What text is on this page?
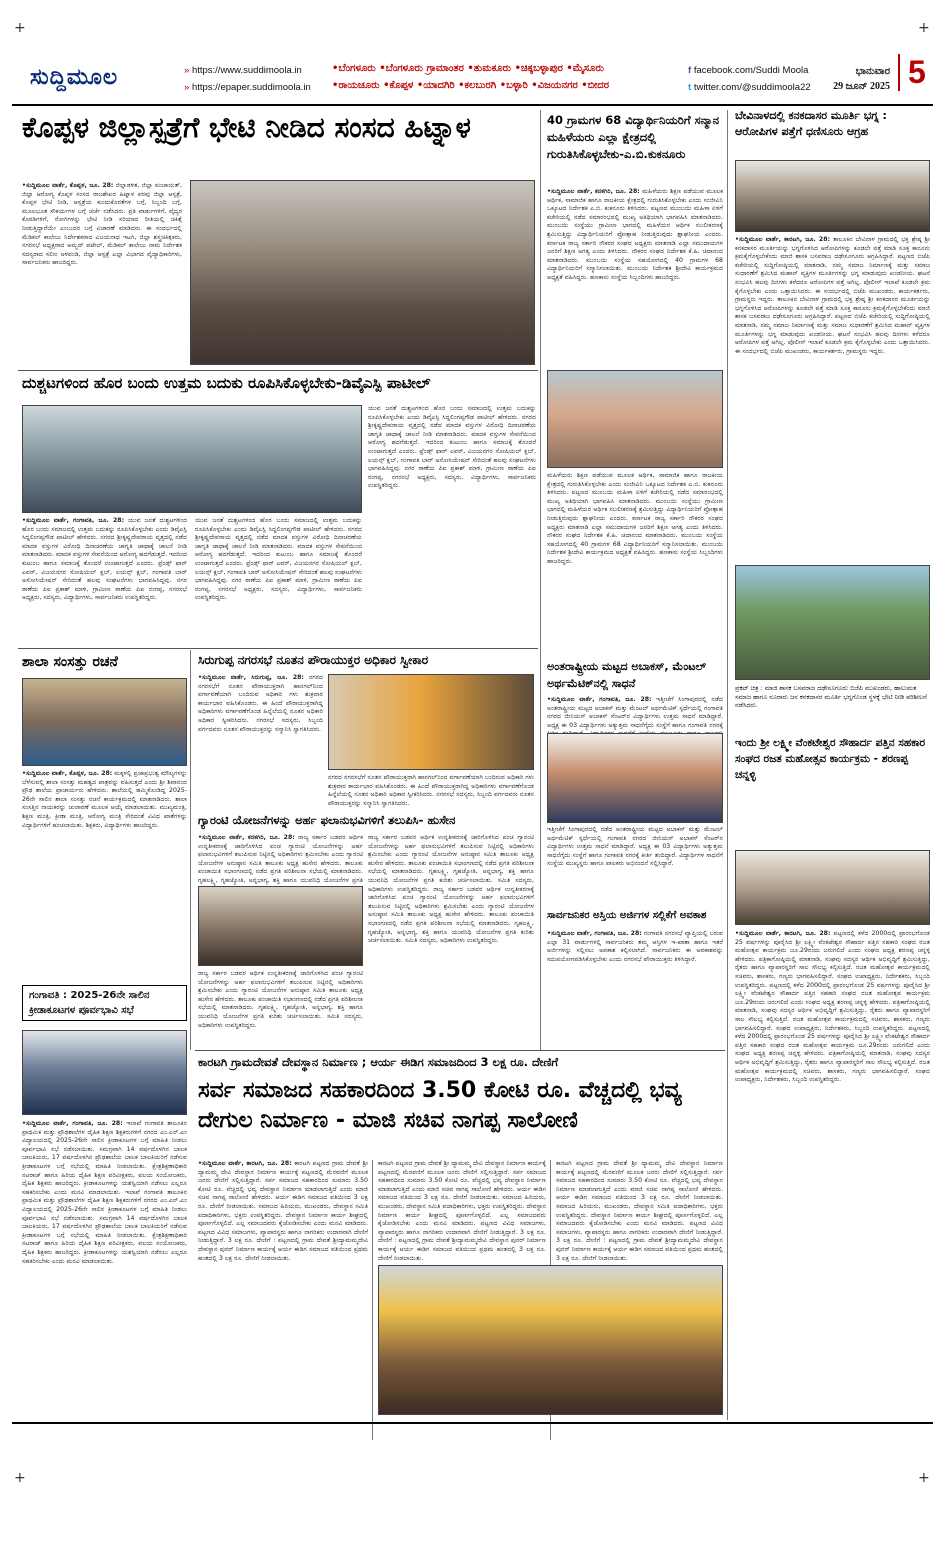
ಸುದ್ದಿಮೂಲ
»	https://www.suddimoola.in
» https://epaper.suddimoola.in
•ಬೆಂಗಳೂರು •ಬೆಂಗಳೂರು ಗ್ರಾಮಾಂತರ •ತುಮಕೂರು •ಚಿಕ್ಕಬಳ್ಳಾಪುರ •ಮೈಸೂರು
•ರಾಯಚೂರು •ಕೊಪ್ಪಳ •ಯಾದಗಿರಿ •ಕಲಬುರಗಿ •ಬಳ್ಳಾರಿ •ವಿಜಯನಗರ •ಬೀದರ
f facebook.com/Suddi Moola
t twitter.com/@suddimoola22
ಭಾನುವಾರ
29 ಜೂನ್ 2025 5
ಕೊಪ್ಪಳ ಜಿಲ್ಲಾಸ್ಪತ್ರೆಗೆ ಭೇಟಿ ನೀಡಿದ ಸಂಸದ ಹಿಟ್ನಾಳ
•ಸುದ್ದಿಮೂಲ ವಾರ್ತೆ, ಕೊಪ್ಪಳ, ಜೂ. 28: ಜಿಲ್ಲಾಡಳಿತ, ಜಿಲ್ಲಾ ಪಂಚಾಯತ್, ಜಿಲ್ಲಾ ಆರೋಗ್ಯ ಕೊಪ್ಪಳ ಸಂಸದ ರಾಜಶೇಖರ ಹಿಟ್ನಾಳ ಪರವು ಜಿಲ್ಲಾ ಆಸ್ಪತ್ರೆ, ಕೊಪ್ಪಳ ಭೇಟಿ ನೀಡಿ, ಆಸ್ಪತ್ರೆಯ ಕುಂದುಕೊರತೆಗಳ ಬಗ್ಗೆ, ಸಿಬ್ಬಂದಿ ಬಗ್ಗೆ, ಮೂಲಭೂತ ಸೌಕರ್ಯಗಳ ಬಗ್ಗೆ ಚರ್ಚೆ ನಡೆಸಿದರು. ಪ್ರತಿ ವಾರ್ಡುಗಳಿಗೆ, ವೈದ್ಯರ ಕೊಠಡಿಗಳಿಗೆ, ರೋಗಿಗಳನ್ನು ಭೇಟಿ ನೀಡಿ ಸರಿಯಾದ ರೀತಿಯಲ್ಲಿ ಚಿಕಿತ್ಸೆ ನೀಡುತ್ತಿದ್ದಾರೆಯೇ ಎಂಬುದರ ಬಗ್ಗೆ ವಿಚಾರಣೆ ಮಾಡಿದರು. ಈ ಸಂದರ್ಭದಲ್ಲಿ ಮೆಡಿಕಲ್ ಕಾಲೇಜು ನಿರ್ದೇಶಕರಾದ ವಿಜಯನಾಥ ಇಟಗಿ, ಜಿಲ್ಲಾ ಶಸ್ತ್ರಚಿಕಿತ್ಸಕರು, ನಗರಸಭೆ ಅಧ್ಯಕ್ಷರಾದ ಅಮ್ಜದ್ ಪಟೇಲ್, ಮೆಡಿಕಲ್ ಕಾಲೇಜು ನಾಮ ನಿರ್ದೇಶಕ ಸದಸ್ಯರಾದ ಸಲೀಂ ಅಳವಂಡಿ, ಜಿಲ್ಲಾ ಆಸ್ಪತ್ರೆ ಎಲ್ಲಾ ವಿಭಾಗದ ವೈದ್ಯಾಧಿಕಾರಿಗಳು, ಸಾರ್ವಜನಿಕರು ಹಾಜರಿದ್ದರು.
40 ಗ್ರಾಮಗಳ 68 ವಿದ್ಯಾರ್ಥಿನಿಯರಿಗೆ ಸನ್ಮಾನ ಮಹಿಳೆಯರು ಎಲ್ಲಾ ಕ್ಷೇತ್ರದಲ್ಲಿ ಗುರುತಿಸಿಕೊಳ್ಳಬೇಕು-ಎ.ಬಿ.ಕುಕನೂರು
•ಸುದ್ದಿಮೂಲ ವಾರ್ತೆ, ಕನಕಗಿರಿ, ಜೂ. 28: ಮಹಿಳೆಯರು ಶಿಕ್ಷಣ ಪಡೆಯುವ ಮೂಲಕ ಆರ್ಥಿಕ, ಸಾಮಾಜಿಕ ಹಾಗೂ ರಾಜಕೀಯ ಕ್ಷೇತ್ರದಲ್ಲಿ ಗುರುತಿಸಿಕೊಳ್ಳಬೇಕು ಎಂದು ಸಂಜೀವಿನಿ ಒಕ್ಕೂಟದ ನಿರ್ದೇಶಕ ಎ.ಬಿ. ಕುಕನೂರು ತಿಳಿಸಿದರು. ಪಟ್ಟಣದ ಮುಂಬಯಿ ಮಹಿಳಾ ಏಳಿಗೆ ಕಚೇರಿಯಲ್ಲಿ ನಡೆದ ಸಮಾರಂಭದಲ್ಲಿ ಮುಖ್ಯ ಅತಿಥಿಯಾಗಿ ಭಾಗವಹಿಸಿ ಮಾತನಾಡಿದರು. ಮುಂಬಯಿ ಸಂಸ್ಥೆಯು ಗ್ರಾಮೀಣ ಭಾಗದಲ್ಲಿ ಮಹಿಳೆಯರ ಆರ್ಥಿಕ ಸಬಲೀಕರಣಕ್ಕೆ ಶ್ರಮಿಸುತ್ತಿದ್ದು ವಿದ್ಯಾರ್ಥಿನಿಯರಿಗೆ ಪ್ರೋತ್ಸಾಹ ನೀಡುತ್ತಿರುವುದು ಶ್ಲಾಘನೀಯ ಎಂದರು. ಕರ್ನಾಟಕ ರಾಜ್ಯ ಸರ್ಕಾರಿ ನೌಕರರ ಸಂಘದ ಅಧ್ಯಕ್ಷರು ಮಾತನಾಡಿ ಎಲ್ಲಾ ಸಮುದಾಯಗಳ ಜನರಿಗೆ ಶಿಕ್ಷಣ ಅಗತ್ಯ ಎಂದು ತಿಳಿಸಿದರು. ನೌಕರರ ಸಂಘದ ನಿರ್ದೇಶಕ ಕೆ.ಹಿ. ಚಿದಾನಂದ ಮಾತನಾಡಿದರು. ಮುಂಬಯಿ ಸಂಸ್ಥೆಯ ಸಹಯೋಗದಲ್ಲಿ 40 ಗ್ರಾಮಗಳ 68 ವಿದ್ಯಾರ್ಥಿನಿಯರಿಗೆ ಸನ್ಮಾನಿಸಲಾಯಿತು. ಮುಂಬಯಿ ನಿರ್ದೇಶಕ ಶ್ರೀದೇವಿ ಕಾರ್ಯಕ್ರಮದ ಅಧ್ಯಕ್ಷತೆ ವಹಿಸಿದ್ದರು. ಹಣಕಾಸು ಸಂಸ್ಥೆಯ ಸಿಬ್ಬಂದಿಗಳು ಹಾಜರಿದ್ದರು.
ಮಹಿಳೆಯರು ಶಿಕ್ಷಣ ಪಡೆಯುವ ಮೂಲಕ ಆರ್ಥಿಕ, ಸಾಮಾಜಿಕ ಹಾಗೂ ರಾಜಕೀಯ ಕ್ಷೇತ್ರದಲ್ಲಿ ಗುರುತಿಸಿಕೊಳ್ಳಬೇಕು ಎಂದು ಸಂಜೀವಿನಿ ಒಕ್ಕೂಟದ ನಿರ್ದೇಶಕ ಎ.ಬಿ. ಕುಕನೂರು ತಿಳಿಸಿದರು. ಪಟ್ಟಣದ ಮುಂಬಯಿ ಮಹಿಳಾ ಏಳಿಗೆ ಕಚೇರಿಯಲ್ಲಿ ನಡೆದ ಸಮಾರಂಭದಲ್ಲಿ ಮುಖ್ಯ ಅತಿಥಿಯಾಗಿ ಭಾಗವಹಿಸಿ ಮಾತನಾಡಿದರು. ಮುಂಬಯಿ ಸಂಸ್ಥೆಯು ಗ್ರಾಮೀಣ ಭಾಗದಲ್ಲಿ ಮಹಿಳೆಯರ ಆರ್ಥಿಕ ಸಬಲೀಕರಣಕ್ಕೆ ಶ್ರಮಿಸುತ್ತಿದ್ದು ವಿದ್ಯಾರ್ಥಿನಿಯರಿಗೆ ಪ್ರೋತ್ಸಾಹ ನೀಡುತ್ತಿರುವುದು ಶ್ಲಾಘನೀಯ ಎಂದರು. ಕರ್ನಾಟಕ ರಾಜ್ಯ ಸರ್ಕಾರಿ ನೌಕರರ ಸಂಘದ ಅಧ್ಯಕ್ಷರು ಮಾತನಾಡಿ ಎಲ್ಲಾ ಸಮುದಾಯಗಳ ಜನರಿಗೆ ಶಿಕ್ಷಣ ಅಗತ್ಯ ಎಂದು ತಿಳಿಸಿದರು. ನೌಕರರ ಸಂಘದ ನಿರ್ದೇಶಕ ಕೆ.ಹಿ. ಚಿದಾನಂದ ಮಾತನಾಡಿದರು. ಮುಂಬಯಿ ಸಂಸ್ಥೆಯ ಸಹಯೋಗದಲ್ಲಿ 40 ಗ್ರಾಮಗಳ 68 ವಿದ್ಯಾರ್ಥಿನಿಯರಿಗೆ ಸನ್ಮಾನಿಸಲಾಯಿತು. ಮುಂಬಯಿ ನಿರ್ದೇಶಕ ಶ್ರೀದೇವಿ ಕಾರ್ಯಕ್ರಮದ ಅಧ್ಯಕ್ಷತೆ ವಹಿಸಿದ್ದರು. ಹಣಕಾಸು ಸಂಸ್ಥೆಯ ಸಿಬ್ಬಂದಿಗಳು ಹಾಜರಿದ್ದರು.
ದುಶ್ಚಟಗಳಿಂದ ಹೊರ ಬಂದು ಉತ್ತಮ ಬದುಕು ರೂಪಿಸಿಕೊಳ್ಳಬೇಕು-ಡಿವೈಎಸ್ಪಿ ಪಾಟೀಲ್
•ಸುದ್ದಿಮೂಲ ವಾರ್ತೆ, ಗಂಗಾವತಿ, ಜೂ. 28: ಯುವ ಜನತೆ ದುಶ್ಚಟಗಳಿಂದ ಹೊರ ಬಂದು ಸಮಾಜದಲ್ಲಿ ಉತ್ತಮ ಬದುಕನ್ನು ರೂಪಿಸಿಕೊಳ್ಳಬೇಕು ಎಂದು ಡಿವೈಎಸ್ಪಿ ಸಿದ್ದಲಿಂಗಪ್ಪಗೌಡ ಪಾಟೀಲ್ ಹೇಳಿದರು. ನಗರದ ಶ್ರೀಕೃಷ್ಣದೇವರಾಯ ವೃತ್ತದಲ್ಲಿ ನಡೆದ ಮಾದಕ ವಸ್ತುಗಳ ವಿರೋಧಿ ದಿನಾಚರಣೆಯ ಜಾಗೃತಿ ಜಾಥಾಕ್ಕೆ ಚಾಲನೆ ನೀಡಿ ಮಾತನಾಡಿದರು. ಮಾದಕ ವಸ್ತುಗಳ ಸೇವನೆಯಿಂದ ಆರೋಗ್ಯ ಹದಗೆಡುತ್ತದೆ. ಇದರಿಂದ ಕುಟುಂಬ ಹಾಗೂ ಸಮಾಜಕ್ಕೆ ತೊಂದರೆ ಉಂಟಾಗುತ್ತದೆ ಎಂದರು. ಫ್ರೆಂಡ್ಸ್ ಫಾರ್ ಎವರ್, ವಿಜಯನಗರ ಸೋಷಿಯಲ್ ಕ್ಲಬ್, ಲಯನ್ಸ್ ಕ್ಲಬ್, ಗಂಗಾವತಿ ಬಾರ್ ಅಸೋಸಿಯೇಷನ್ ಸೇರಿದಂತೆ ಹಲವು ಸಂಘಟನೆಗಳು ಭಾಗವಹಿಸಿದ್ದವು. ನಗರ ಠಾಣೆಯ ಪಿಐ ಪ್ರಕಾಶ್ ಮಾಳಿ, ಗ್ರಾಮೀಣ ಠಾಣೆಯ ಪಿಐ ರಂಗಪ್ಪ, ನಗರಸಭೆ ಅಧ್ಯಕ್ಷರು, ಸದಸ್ಯರು, ವಿದ್ಯಾರ್ಥಿಗಳು, ಸಾರ್ವಜನಿಕರು ಉಪಸ್ಥಿತರಿದ್ದರು.
ಯುವ ಜನತೆ ದುಶ್ಚಟಗಳಿಂದ ಹೊರ ಬಂದು ಸಮಾಜದಲ್ಲಿ ಉತ್ತಮ ಬದುಕನ್ನು ರೂಪಿಸಿಕೊಳ್ಳಬೇಕು ಎಂದು ಡಿವೈಎಸ್ಪಿ ಸಿದ್ದಲಿಂಗಪ್ಪಗೌಡ ಪಾಟೀಲ್ ಹೇಳಿದರು. ನಗರದ ಶ್ರೀಕೃಷ್ಣದೇವರಾಯ ವೃತ್ತದಲ್ಲಿ ನಡೆದ ಮಾದಕ ವಸ್ತುಗಳ ವಿರೋಧಿ ದಿನಾಚರಣೆಯ ಜಾಗೃತಿ ಜಾಥಾಕ್ಕೆ ಚಾಲನೆ ನೀಡಿ ಮಾತನಾಡಿದರು. ಮಾದಕ ವಸ್ತುಗಳ ಸೇವನೆಯಿಂದ ಆರೋಗ್ಯ ಹದಗೆಡುತ್ತದೆ. ಇದರಿಂದ ಕುಟುಂಬ ಹಾಗೂ ಸಮಾಜಕ್ಕೆ ತೊಂದರೆ ಉಂಟಾಗುತ್ತದೆ ಎಂದರು. ಫ್ರೆಂಡ್ಸ್ ಫಾರ್ ಎವರ್, ವಿಜಯನಗರ ಸೋಷಿಯಲ್ ಕ್ಲಬ್, ಲಯನ್ಸ್ ಕ್ಲಬ್, ಗಂಗಾವತಿ ಬಾರ್ ಅಸೋಸಿಯೇಷನ್ ಸೇರಿದಂತೆ ಹಲವು ಸಂಘಟನೆಗಳು ಭಾಗವಹಿಸಿದ್ದವು. ನಗರ ಠಾಣೆಯ ಪಿಐ ಪ್ರಕಾಶ್ ಮಾಳಿ, ಗ್ರಾಮೀಣ ಠಾಣೆಯ ಪಿಐ ರಂಗಪ್ಪ, ನಗರಸಭೆ ಅಧ್ಯಕ್ಷರು, ಸದಸ್ಯರು, ವಿದ್ಯಾರ್ಥಿಗಳು, ಸಾರ್ವಜನಿಕರು ಉಪಸ್ಥಿತರಿದ್ದರು.
ಯುವ ಜನತೆ ದುಶ್ಚಟಗಳಿಂದ ಹೊರ ಬಂದು ಸಮಾಜದಲ್ಲಿ ಉತ್ತಮ ಬದುಕನ್ನು ರೂಪಿಸಿಕೊಳ್ಳಬೇಕು ಎಂದು ಡಿವೈಎಸ್ಪಿ ಸಿದ್ದಲಿಂಗಪ್ಪಗೌಡ ಪಾಟೀಲ್ ಹೇಳಿದರು. ನಗರದ ಶ್ರೀಕೃಷ್ಣದೇವರಾಯ ವೃತ್ತದಲ್ಲಿ ನಡೆದ ಮಾದಕ ವಸ್ತುಗಳ ವಿರೋಧಿ ದಿನಾಚರಣೆಯ ಜಾಗೃತಿ ಜಾಥಾಕ್ಕೆ ಚಾಲನೆ ನೀಡಿ ಮಾತನಾಡಿದರು. ಮಾದಕ ವಸ್ತುಗಳ ಸೇವನೆಯಿಂದ ಆರೋಗ್ಯ ಹದಗೆಡುತ್ತದೆ. ಇದರಿಂದ ಕುಟುಂಬ ಹಾಗೂ ಸಮಾಜಕ್ಕೆ ತೊಂದರೆ ಉಂಟಾಗುತ್ತದೆ ಎಂದರು. ಫ್ರೆಂಡ್ಸ್ ಫಾರ್ ಎವರ್, ವಿಜಯನಗರ ಸೋಷಿಯಲ್ ಕ್ಲಬ್, ಲಯನ್ಸ್ ಕ್ಲಬ್, ಗಂಗಾವತಿ ಬಾರ್ ಅಸೋಸಿಯೇಷನ್ ಸೇರಿದಂತೆ ಹಲವು ಸಂಘಟನೆಗಳು ಭಾಗವಹಿಸಿದ್ದವು. ನಗರ ಠಾಣೆಯ ಪಿಐ ಪ್ರಕಾಶ್ ಮಾಳಿ, ಗ್ರಾಮೀಣ ಠಾಣೆಯ ಪಿಐ ರಂಗಪ್ಪ, ನಗರಸಭೆ ಅಧ್ಯಕ್ಷರು, ಸದಸ್ಯರು, ವಿದ್ಯಾರ್ಥಿಗಳು, ಸಾರ್ವಜನಿಕರು ಉಪಸ್ಥಿತರಿದ್ದರು.
ಶಾಲಾ ಸಂಸತ್ತು ರಚನೆ
•ಸುದ್ದಿಮೂಲ ವಾರ್ತೆ, ಕೊಪ್ಪಳ, ಜೂ. 28: ಮಕ್ಕಳಲ್ಲಿ ಪ್ರಜಾಪ್ರಭುತ್ವ ಮೌಲ್ಯಗಳನ್ನು ಬೆಳೆಸುವಲ್ಲಿ ಶಾಲಾ ಸಂಸತ್ತು ಮಹತ್ವದ ಪಾತ್ರವನ್ನು ವಹಿಸುತ್ತದೆ ಎಂದು ಶ್ರೀ ಶಿವಾನಂದ ಪ್ರೌಢ ಶಾಲೆಯ ಪ್ರಾಚಾರ್ಯರು ಹೇಳಿದರು. ಶಾಲೆಯಲ್ಲಿ ಹಮ್ಮಿಕೊಂಡಿದ್ದ 2025-26ನೇ ಸಾಲಿನ ಶಾಲಾ ಸಂಸತ್ತು ರಚನೆ ಕಾರ್ಯಕ್ರಮದಲ್ಲಿ ಮಾತನಾಡಿದರು. ಶಾಲಾ ಸಂಸತ್ತಿನ ನಾಯಕರನ್ನು ಚುನಾವಣೆ ಮೂಲಕ ಆಯ್ಕೆ ಮಾಡಲಾಯಿತು. ಮುಖ್ಯಮಂತ್ರಿ, ಶಿಕ್ಷಣ ಮಂತ್ರಿ, ಕ್ರೀಡಾ ಮಂತ್ರಿ, ಆರೋಗ್ಯ ಮಂತ್ರಿ ಸೇರಿದಂತೆ ವಿವಿಧ ಖಾತೆಗಳನ್ನು ವಿದ್ಯಾರ್ಥಿಗಳಿಗೆ ಹಂಚಲಾಯಿತು. ಶಿಕ್ಷಕರು, ವಿದ್ಯಾರ್ಥಿಗಳು ಹಾಜರಿದ್ದರು.
ಗಂಗಾವತಿ : 2025-26ನೇ ಸಾಲಿನ ಕ್ರೀಡಾಕೂಟಗಳ ಪೂರ್ವಭಾವಿ ಸಭೆ
•ಸುದ್ದಿಮೂಲ ವಾರ್ತೆ, ಗಂಗಾವತಿ, ಜೂ. 28: ಇಲಾಖೆ ಗಂಗಾವತಿ ತಾಲೂಕಿನ ಪ್ರಾಥಮಿಕ ಮತ್ತು ಪ್ರೌಢಶಾಲೆಗಳ ದೈಹಿಕ ಶಿಕ್ಷಣ ಶಿಕ್ಷಕರುಗಳಿಗೆ ನಗರದ ಎಂ.ಎನ್.ಎಂ ವಿದ್ಯಾಲಯದಲ್ಲಿ 2025-26ನೇ ಸಾಲಿನ ಕ್ರೀಡಾಕೂಟಗಳ ಬಗ್ಗೆ ಮಾಹಿತಿ ನೀಡಲು ಪೂರ್ವಭಾವಿ ಸಭೆ ನಡೆಸಲಾಯಿತು. ಸಮಗ್ರವಾಗಿ 14 ವರ್ಷದೊಳಗಿನ ಬಾಲಕ ಬಾಲಕಿಯರು, 17 ವರ್ಷದೊಳಗಿನ ಪ್ರೌಢಶಾಲೆಯ ಬಾಲಕ ಬಾಲಕಿಯರಿಗೆ ನಡೆಸುವ ಕ್ರೀಡಾಕೂಟಗಳ ಬಗ್ಗೆ ಸಭೆಯಲ್ಲಿ ಮಾಹಿತಿ ನೀಡಲಾಯಿತು. ಕ್ಷೇತ್ರಶಿಕ್ಷಣಾಧಿಕಾರಿ ನಟರಾಜ್ ಹಾಗೂ ಹಿರಿಯ ದೈಹಿಕ ಶಿಕ್ಷಣ ಪರಿವೀಕ್ಷಕರು, ವಲಯ ಸಂಯೋಜಕರು, ದೈಹಿಕ ಶಿಕ್ಷಕರು ಹಾಜರಿದ್ದರು. ಕ್ರೀಡಾಕೂಟಗಳನ್ನು ಯಶಸ್ವಿಯಾಗಿ ನಡೆಸಲು ಎಲ್ಲರೂ ಸಹಕರಿಸಬೇಕು ಎಂದು ಮನವಿ ಮಾಡಲಾಯಿತು. ಇಲಾಖೆ ಗಂಗಾವತಿ ತಾಲೂಕಿನ ಪ್ರಾಥಮಿಕ ಮತ್ತು ಪ್ರೌಢಶಾಲೆಗಳ ದೈಹಿಕ ಶಿಕ್ಷಣ ಶಿಕ್ಷಕರುಗಳಿಗೆ ನಗರದ ಎಂ.ಎನ್.ಎಂ ವಿದ್ಯಾಲಯದಲ್ಲಿ 2025-26ನೇ ಸಾಲಿನ ಕ್ರೀಡಾಕೂಟಗಳ ಬಗ್ಗೆ ಮಾಹಿತಿ ನೀಡಲು ಪೂರ್ವಭಾವಿ ಸಭೆ ನಡೆಸಲಾಯಿತು. ಸಮಗ್ರವಾಗಿ 14 ವರ್ಷದೊಳಗಿನ ಬಾಲಕ ಬಾಲಕಿಯರು, 17 ವರ್ಷದೊಳಗಿನ ಪ್ರೌಢಶಾಲೆಯ ಬಾಲಕ ಬಾಲಕಿಯರಿಗೆ ನಡೆಸುವ ಕ್ರೀಡಾಕೂಟಗಳ ಬಗ್ಗೆ ಸಭೆಯಲ್ಲಿ ಮಾಹಿತಿ ನೀಡಲಾಯಿತು. ಕ್ಷೇತ್ರಶಿಕ್ಷಣಾಧಿಕಾರಿ ನಟರಾಜ್ ಹಾಗೂ ಹಿರಿಯ ದೈಹಿಕ ಶಿಕ್ಷಣ ಪರಿವೀಕ್ಷಕರು, ವಲಯ ಸಂಯೋಜಕರು, ದೈಹಿಕ ಶಿಕ್ಷಕರು ಹಾಜರಿದ್ದರು. ಕ್ರೀಡಾಕೂಟಗಳನ್ನು ಯಶಸ್ವಿಯಾಗಿ ನಡೆಸಲು ಎಲ್ಲರೂ ಸಹಕರಿಸಬೇಕು ಎಂದು ಮನವಿ ಮಾಡಲಾಯಿತು.
ಸಿರುಗುಪ್ಪ ನಗರಸಭೆ ನೂತನ ಪೌರಾಯುಕ್ತರ ಅಧಿಕಾರ ಸ್ವೀಕಾರ
•ಸುದ್ದಿಮೂಲ ವಾರ್ತೆ, ಸಿರುಗುಪ್ಪ, ಜೂ. 28: ನಗರದ ನಗರಸಭೆಗೆ ನೂತನ ಪೌರಾಯುಕ್ತರಾಗಿ ಹಾನಗಲ್‌ನಿಂದ ವರ್ಗಾವಣೆಯಾಗಿ ಬಂದಿರುವ ಅಧಿಕಾರಿ ಗಳು ಶುಕ್ರವಾರ ಕಾರ್ಯಭಾರ ವಹಿಸಿಕೊಂಡರು. ಈ ಹಿಂದೆ ಪೌರಾಯುಕ್ತರಾಗಿದ್ದ ಅಧಿಕಾರಿಗಳು ವರ್ಗಾವಣೆಗೊಂಡ ಹಿನ್ನೆಲೆಯಲ್ಲಿ ನೂತನ ಅಧಿಕಾರಿ ಅಧಿಕಾರ ಸ್ವೀಕರಿಸಿದರು. ನಗರಸಭೆ ಸದಸ್ಯರು, ಸಿಬ್ಬಂದಿ ವರ್ಗದವರು ನೂತನ ಪೌರಾಯುಕ್ತರನ್ನು ಸನ್ಮಾನಿಸಿ ಸ್ವಾಗತಿಸಿದರು.
ನಗರದ ನಗರಸಭೆಗೆ ನೂತನ ಪೌರಾಯುಕ್ತರಾಗಿ ಹಾನಗಲ್‌ನಿಂದ ವರ್ಗಾವಣೆಯಾಗಿ ಬಂದಿರುವ ಅಧಿಕಾರಿ ಗಳು ಶುಕ್ರವಾರ ಕಾರ್ಯಭಾರ ವಹಿಸಿಕೊಂಡರು. ಈ ಹಿಂದೆ ಪೌರಾಯುಕ್ತರಾಗಿದ್ದ ಅಧಿಕಾರಿಗಳು ವರ್ಗಾವಣೆಗೊಂಡ ಹಿನ್ನೆಲೆಯಲ್ಲಿ ನೂತನ ಅಧಿಕಾರಿ ಅಧಿಕಾರ ಸ್ವೀಕರಿಸಿದರು. ನಗರಸಭೆ ಸದಸ್ಯರು, ಸಿಬ್ಬಂದಿ ವರ್ಗದವರು ನೂತನ ಪೌರಾಯುಕ್ತರನ್ನು ಸನ್ಮಾನಿಸಿ ಸ್ವಾಗತಿಸಿದರು.
ಗ್ಯಾರಂಟಿ ಯೋಜನೆಗಳನ್ನು ಅರ್ಹ ಫಲಾನುಭವಿಗಳಿಗೆ ತಲುಪಿಸಿ- ಹುಸೇನ
•ಸುದ್ದಿಮೂಲ ವಾರ್ತೆ, ಕನಕಗಿರಿ, ಜೂ. 28: ರಾಜ್ಯ ಸರ್ಕಾರ ಬಡವರ ಆರ್ಥಿಕ ಉನ್ನತೀಕರಣಕ್ಕೆ ಜಾರಿಗೊಳಿಸಿದ ಪಂಚ ಗ್ಯಾರಂಟಿ ಯೋಜನೆಗಳನ್ನು ಅರ್ಹ ಫಲಾನುಭವಿಗಳಿಗೆ ತಲುಪಿಸುವ ನಿಟ್ಟಿನಲ್ಲಿ ಅಧಿಕಾರಿಗಳು ಶ್ರಮಿಸಬೇಕು ಎಂದು ಗ್ಯಾರಂಟಿ ಯೋಜನೆಗಳ ಅನುಷ್ಠಾನ ಸಮಿತಿ ತಾಲೂಕು ಅಧ್ಯಕ್ಷ ಹುಸೇನ ಹೇಳಿದರು. ತಾಲೂಕು ಪಂಚಾಯಿತಿ ಸಭಾಂಗಣದಲ್ಲಿ ನಡೆದ ಪ್ರಗತಿ ಪರಿಶೀಲನಾ ಸಭೆಯಲ್ಲಿ ಮಾತನಾಡಿದರು. ಗೃಹಲಕ್ಷ್ಮಿ, ಗೃಹಜ್ಯೋತಿ, ಅನ್ನಭಾಗ್ಯ, ಶಕ್ತಿ ಹಾಗೂ ಯುವನಿಧಿ ಯೋಜನೆಗಳ ಪ್ರಗತಿ
ರಾಜ್ಯ ಸರ್ಕಾರ ಬಡವರ ಆರ್ಥಿಕ ಉನ್ನತೀಕರಣಕ್ಕೆ ಜಾರಿಗೊಳಿಸಿದ ಪಂಚ ಗ್ಯಾರಂಟಿ ಯೋಜನೆಗಳನ್ನು ಅರ್ಹ ಫಲಾನುಭವಿಗಳಿಗೆ ತಲುಪಿಸುವ ನಿಟ್ಟಿನಲ್ಲಿ ಅಧಿಕಾರಿಗಳು ಶ್ರಮಿಸಬೇಕು ಎಂದು ಗ್ಯಾರಂಟಿ ಯೋಜನೆಗಳ ಅನುಷ್ಠಾನ ಸಮಿತಿ ತಾಲೂಕು ಅಧ್ಯಕ್ಷ ಹುಸೇನ ಹೇಳಿದರು. ತಾಲೂಕು ಪಂಚಾಯಿತಿ ಸಭಾಂಗಣದಲ್ಲಿ ನಡೆದ ಪ್ರಗತಿ ಪರಿಶೀಲನಾ ಸಭೆಯಲ್ಲಿ ಮಾತನಾಡಿದರು. ಗೃಹಲಕ್ಷ್ಮಿ, ಗೃಹಜ್ಯೋತಿ, ಅನ್ನಭಾಗ್ಯ, ಶಕ್ತಿ ಹಾಗೂ ಯುವನಿಧಿ ಯೋಜನೆಗಳ ಪ್ರಗತಿ ಕುರಿತು ಚರ್ಚಿಸಲಾಯಿತು. ಸಮಿತಿ ಸದಸ್ಯರು, ಅಧಿಕಾರಿಗಳು ಉಪಸ್ಥಿತರಿದ್ದರು.
ರಾಜ್ಯ ಸರ್ಕಾರ ಬಡವರ ಆರ್ಥಿಕ ಉನ್ನತೀಕರಣಕ್ಕೆ ಜಾರಿಗೊಳಿಸಿದ ಪಂಚ ಗ್ಯಾರಂಟಿ ಯೋಜನೆಗಳನ್ನು ಅರ್ಹ ಫಲಾನುಭವಿಗಳಿಗೆ ತಲುಪಿಸುವ ನಿಟ್ಟಿನಲ್ಲಿ ಅಧಿಕಾರಿಗಳು ಶ್ರಮಿಸಬೇಕು ಎಂದು ಗ್ಯಾರಂಟಿ ಯೋಜನೆಗಳ ಅನುಷ್ಠಾನ ಸಮಿತಿ ತಾಲೂಕು ಅಧ್ಯಕ್ಷ ಹುಸೇನ ಹೇಳಿದರು. ತಾಲೂಕು ಪಂಚಾಯಿತಿ ಸಭಾಂಗಣದಲ್ಲಿ ನಡೆದ ಪ್ರಗತಿ ಪರಿಶೀಲನಾ ಸಭೆಯಲ್ಲಿ ಮಾತನಾಡಿದರು. ಗೃಹಲಕ್ಷ್ಮಿ, ಗೃಹಜ್ಯೋತಿ, ಅನ್ನಭಾಗ್ಯ, ಶಕ್ತಿ ಹಾಗೂ ಯುವನಿಧಿ ಯೋಜನೆಗಳ ಪ್ರಗತಿ ಕುರಿತು ಚರ್ಚಿಸಲಾಯಿತು. ಸಮಿತಿ ಸದಸ್ಯರು, ಅಧಿಕಾರಿಗಳು ಉಪಸ್ಥಿತರಿದ್ದರು. ರಾಜ್ಯ ಸರ್ಕಾರ ಬಡವರ ಆರ್ಥಿಕ ಉನ್ನತೀಕರಣಕ್ಕೆ ಜಾರಿಗೊಳಿಸಿದ ಪಂಚ ಗ್ಯಾರಂಟಿ ಯೋಜನೆಗಳನ್ನು ಅರ್ಹ ಫಲಾನುಭವಿಗಳಿಗೆ ತಲುಪಿಸುವ ನಿಟ್ಟಿನಲ್ಲಿ ಅಧಿಕಾರಿಗಳು ಶ್ರಮಿಸಬೇಕು ಎಂದು ಗ್ಯಾರಂಟಿ ಯೋಜನೆಗಳ ಅನುಷ್ಠಾನ ಸಮಿತಿ ತಾಲೂಕು ಅಧ್ಯಕ್ಷ ಹುಸೇನ ಹೇಳಿದರು. ತಾಲೂಕು ಪಂಚಾಯಿತಿ ಸಭಾಂಗಣದಲ್ಲಿ ನಡೆದ ಪ್ರಗತಿ ಪರಿಶೀಲನಾ ಸಭೆಯಲ್ಲಿ ಮಾತನಾಡಿದರು. ಗೃಹಲಕ್ಷ್ಮಿ, ಗೃಹಜ್ಯೋತಿ, ಅನ್ನಭಾಗ್ಯ, ಶಕ್ತಿ ಹಾಗೂ ಯುವನಿಧಿ ಯೋಜನೆಗಳ ಪ್ರಗತಿ ಕುರಿತು ಚರ್ಚಿಸಲಾಯಿತು. ಸಮಿತಿ ಸದಸ್ಯರು, ಅಧಿಕಾರಿಗಳು ಉಪಸ್ಥಿತರಿದ್ದರು.
ಅಂತರಾಷ್ಟ್ರೀಯ ಮಟ್ಟದ ಅಬಾಕಸ್, ಮೆಂಟಲ್ ಅರ್ಥಮೆಟಿಕ್‌ನಲ್ಲಿ ಸಾಧನೆ
•ಸುದ್ದಿಮೂಲ ವಾರ್ತೆ, ಗಂಗಾವತಿ, ಜೂ. 28: ಇತ್ತೀಚೆಗೆ ಸಿಂಗಾಪುರದಲ್ಲಿ ನಡೆದ ಅಂತರಾಷ್ಟ್ರೀಯ ಮಟ್ಟದ ಅಬಾಕಸ್ ಮತ್ತು ಮೆಂಟಲ್ ಅರ್ಥಮೆಟಿಕ್ ಸ್ಪರ್ಧೆಯಲ್ಲಿ ಗಂಗಾವತಿ ನಗರದ ಜೀನಿಯಸ್ ಅಬಾಕಸ್ ಸೆಂಟರ್‌ನ ವಿದ್ಯಾರ್ಥಿಗಳು ಉತ್ತಮ ಸಾಧನೆ ಮಾಡಿದ್ದಾರೆ. ಅಧ್ಯಕ್ಷ ಈ 03 ವಿದ್ಯಾರ್ಥಿಗಳು ಅತ್ಯುತ್ತಮ ಸಾಧನೆಗೈದು ಸಂಸ್ಥೆಗೆ ಹಾಗೂ ಗಂಗಾವತಿ ನಗರಕ್ಕೆ
ಇತ್ತೀಚೆಗೆ ಸಿಂಗಾಪುರದಲ್ಲಿ ನಡೆದ ಅಂತರಾಷ್ಟ್ರೀಯ ಮಟ್ಟದ ಅಬಾಕಸ್ ಮತ್ತು ಮೆಂಟಲ್ ಅರ್ಥಮೆಟಿಕ್ ಸ್ಪರ್ಧೆಯಲ್ಲಿ ಗಂಗಾವತಿ ನಗರದ ಜೀನಿಯಸ್ ಅಬಾಕಸ್ ಸೆಂಟರ್‌ನ ವಿದ್ಯಾರ್ಥಿಗಳು ಉತ್ತಮ ಸಾಧನೆ ಮಾಡಿದ್ದಾರೆ. ಅಧ್ಯಕ್ಷ ಈ 03 ವಿದ್ಯಾರ್ಥಿಗಳು ಅತ್ಯುತ್ತಮ ಸಾಧನೆಗೈದು ಸಂಸ್ಥೆಗೆ ಹಾಗೂ ಗಂಗಾವತಿ ನಗರಕ್ಕೆ ಕೀರ್ತಿ ತಂದಿದ್ದಾರೆ. ವಿದ್ಯಾರ್ಥಿಗಳ ಸಾಧನೆಗೆ ಸಂಸ್ಥೆಯ ಮುಖ್ಯಸ್ಥರು ಹಾಗೂ ಪಾಲಕರು ಅಭಿನಂದನೆ ಸಲ್ಲಿಸಿದ್ದಾರೆ.
ಸಾರ್ವಜನಿಕರ ಅಸ್ತಿಯ ಅರ್ಜಿಗಳ ಸಲ್ಲಿಕೆಗೆ ಅವಕಾಶ
•ಸುದ್ದಿಮೂಲ ವಾರ್ತೆ, ಗಂಗಾವತಿ, ಜೂ. 28: ಗಂಗಾವತಿ ನಗರಸಭೆ ವ್ಯಾಪ್ತಿಯಲ್ಲಿ ಬರುವ ಎಲ್ಲಾ 31 ವಾರ್ಡುಗಳಲ್ಲಿ ಸಾರ್ವಜನಿಕರು ತಮ್ಮ ಆಸ್ತಿಗಳ ಇ-ಖಾತಾ ಹಾಗೂ ಇತರೆ ಅರ್ಜಿಗಳನ್ನು ಸಲ್ಲಿಸಲು ಅವಕಾಶ ಕಲ್ಪಿಸಲಾಗಿದೆ. ಸಾರ್ವಜನಿಕರು ಈ ಅವಕಾಶವನ್ನು ಸದುಪಯೋಗಪಡಿಸಿಕೊಳ್ಳಬೇಕು ಎಂದು ನಗರಸಭೆ ಪೌರಾಯುಕ್ತರು ತಿಳಿಸಿದ್ದಾರೆ.
ಬೇವಿನಾಳದಲ್ಲಿ ಕನಕದಾಸರ ಮೂರ್ತಿ ಭಗ್ನ : ಆರೋಪಿಗಳ ಪತ್ತೆಗೆ ಧಣಿಸೂರು ಆಗ್ರಹ
•ಸುದ್ದಿಮೂಲ ವಾರ್ತೆ, ಕಾರಟಗಿ, ಜೂ. 28: ತಾಲೂಕಿನ ಬೇವಿನಾಳ ಗ್ರಾಮದಲ್ಲಿ ಭಕ್ತ ಶ್ರೇಷ್ಠ ಶ್ರೀ ಕನಕದಾಸರ ಮೂರ್ತಿಯನ್ನು ಭಗ್ನಗೊಳಿಸಿದ ಆರೋಪಿಗಳನ್ನು ಕೂಡಲೇ ಪತ್ತೆ ಮಾಡಿ ಸೂಕ್ತ ಕಾನೂನು ಕ್ರಮಕೈಗೊಳ್ಳಬೇಕೆಂದು ಮಾಜಿ ಶಾಸಕ ಬಸವರಾಜ ದಢೇಸೂಗೂರು ಆಗ್ರಹಿಸಿದ್ದಾರೆ. ಪಟ್ಟಣದ ಬಿಜೆಪಿ ಕಚೇರಿಯಲ್ಲಿ ಸುದ್ದಿಗೋಷ್ಠಿಯಲ್ಲಿ ಮಾತನಾಡಿ, ನಮ್ಮ ಸಮಾಜ ನಿರ್ಮಾಣಕ್ಕೆ ಮತ್ತು ಸಮಾಜ ಸುಧಾರಣೆಗೆ ಶ್ರಮಿಸಿದ ಮಹಾನ್ ವ್ಯಕ್ತಿಗಳ ಮೂರ್ತಿಗಳನ್ನು ಭಗ್ನ ಮಾಡುವುದು ಖಂಡನೀಯ. ಘಟನೆ ಸಂಭವಿಸಿ ಹಲವು ದಿನಗಳು ಕಳೆದರೂ ಆರೋಪಿಗಳ ಪತ್ತೆ ಆಗಿಲ್ಲ. ಪೊಲೀಸ್ ಇಲಾಖೆ ಕೂಡಲೇ ಕ್ರಮ ಕೈಗೊಳ್ಳಬೇಕು ಎಂದು ಒತ್ತಾಯಿಸಿದರು. ಈ ಸಂದರ್ಭದಲ್ಲಿ ಬಿಜೆಪಿ ಮುಖಂಡರು, ಕಾರ್ಯಕರ್ತರು, ಗ್ರಾಮಸ್ಥರು ಇದ್ದರು. ತಾಲೂಕಿನ ಬೇವಿನಾಳ ಗ್ರಾಮದಲ್ಲಿ ಭಕ್ತ ಶ್ರೇಷ್ಠ ಶ್ರೀ ಕನಕದಾಸರ ಮೂರ್ತಿಯನ್ನು ಭಗ್ನಗೊಳಿಸಿದ ಆರೋಪಿಗಳನ್ನು ಕೂಡಲೇ ಪತ್ತೆ ಮಾಡಿ ಸೂಕ್ತ ಕಾನೂನು ಕ್ರಮಕೈಗೊಳ್ಳಬೇಕೆಂದು ಮಾಜಿ ಶಾಸಕ ಬಸವರಾಜ ದಢೇಸೂಗೂರು ಆಗ್ರಹಿಸಿದ್ದಾರೆ. ಪಟ್ಟಣದ ಬಿಜೆಪಿ ಕಚೇರಿಯಲ್ಲಿ ಸುದ್ದಿಗೋಷ್ಠಿಯಲ್ಲಿ ಮಾತನಾಡಿ, ನಮ್ಮ ಸಮಾಜ ನಿರ್ಮಾಣಕ್ಕೆ ಮತ್ತು ಸಮಾಜ ಸುಧಾರಣೆಗೆ ಶ್ರಮಿಸಿದ ಮಹಾನ್ ವ್ಯಕ್ತಿಗಳ ಮೂರ್ತಿಗಳನ್ನು ಭಗ್ನ ಮಾಡುವುದು ಖಂಡನೀಯ. ಘಟನೆ ಸಂಭವಿಸಿ ಹಲವು ದಿನಗಳು ಕಳೆದರೂ ಆರೋಪಿಗಳ ಪತ್ತೆ ಆಗಿಲ್ಲ. ಪೊಲೀಸ್ ಇಲಾಖೆ ಕೂಡಲೇ ಕ್ರಮ ಕೈಗೊಳ್ಳಬೇಕು ಎಂದು ಒತ್ತಾಯಿಸಿದರು. ಈ ಸಂದರ್ಭದಲ್ಲಿ ಬಿಜೆಪಿ ಮುಖಂಡರು, ಕಾರ್ಯಕರ್ತರು, ಗ್ರಾಮಸ್ಥರು ಇದ್ದರು.
ಪ್ರಕಟ್ ಚಿತ್ರ : ಮಾಜಿ ಶಾಸಕ ಬಸವರಾಜ ದಢೇಸೂಗೂರು ಬಿಜೆಪಿ ಮುಖಂಡರು, ಹಾಲುಮತ ಸಮಾಜ ಹಾಗೂ ನೂರಾರು ಜನ ಕನಕದಾಸರ ಮೂರ್ತಿ ಭಗ್ನಗೊಂಡ ಸ್ಥಳಕ್ಕೆ ಭೇಟಿ ನೀಡಿ ಪರಿಶೀಲನೆ ನಡೆಸಿದರು.
ಇಂದು ಶ್ರೀ ಲಕ್ಷ್ಮೀ ವೆಂಕಟೇಶ್ವರ ಸೌಹಾರ್ದ ಪತ್ತಿನ ಸಹಕಾರ ಸಂಘದ ರಜತ ಮಹೋತ್ಸವ ಕಾರ್ಯಕ್ರಮ - ಶರಣಪ್ಪ ಚನ್ನಳ್ಳಿ
•ಸುದ್ದಿಮೂಲ ವಾರ್ತೆ, ಕಾರಟಗಿ, ಜೂ. 28: ಪಟ್ಟಣದಲ್ಲಿ ಕಳೆದ 2000ದಲ್ಲಿ ಪ್ರಾರಂಭಗೊಂಡ 25 ವರ್ಷಗಳನ್ನು ಪೂರೈಸಿದ ಶ್ರೀ ಲಕ್ಷ್ಮೀ ವೆಂಕಟೇಶ್ವರ ಸೌಹಾರ್ದ ಪತ್ತಿನ ಸಹಕಾರಿ ಸಂಘದ ರಜತ ಮಹೋತ್ಸವ ಕಾರ್ಯಕ್ರಮ ಜೂ.29ರಂದು ಜರುಗಲಿದೆ ಎಂದು ಸಂಘದ ಅಧ್ಯಕ್ಷ ಶರಣಪ್ಪ ಚನ್ನಳ್ಳಿ ಹೇಳಿದರು. ಪತ್ರಿಕಾಗೋಷ್ಠಿಯಲ್ಲಿ ಮಾತನಾಡಿ, ಸಂಘವು ಸದಸ್ಯರ ಆರ್ಥಿಕ ಅಭಿವೃದ್ಧಿಗೆ ಶ್ರಮಿಸುತ್ತಿದ್ದು, ರೈತರು ಹಾಗೂ ವ್ಯಾಪಾರಸ್ಥರಿಗೆ ಸಾಲ ಸೌಲಭ್ಯ ಕಲ್ಪಿಸುತ್ತಿದೆ. ರಜತ ಮಹೋತ್ಸವ ಕಾರ್ಯಕ್ರಮದಲ್ಲಿ ಸಚಿವರು, ಶಾಸಕರು, ಗಣ್ಯರು ಭಾಗವಹಿಸಲಿದ್ದಾರೆ. ಸಂಘದ ಉಪಾಧ್ಯಕ್ಷರು, ನಿರ್ದೇಶಕರು, ಸಿಬ್ಬಂದಿ ಉಪಸ್ಥಿತರಿದ್ದರು. ಪಟ್ಟಣದಲ್ಲಿ ಕಳೆದ 2000ದಲ್ಲಿ ಪ್ರಾರಂಭಗೊಂಡ 25 ವರ್ಷಗಳನ್ನು ಪೂರೈಸಿದ ಶ್ರೀ ಲಕ್ಷ್ಮೀ ವೆಂಕಟೇಶ್ವರ ಸೌಹಾರ್ದ ಪತ್ತಿನ ಸಹಕಾರಿ ಸಂಘದ ರಜತ ಮಹೋತ್ಸವ ಕಾರ್ಯಕ್ರಮ ಜೂ.29ರಂದು ಜರುಗಲಿದೆ ಎಂದು ಸಂಘದ ಅಧ್ಯಕ್ಷ ಶರಣಪ್ಪ ಚನ್ನಳ್ಳಿ ಹೇಳಿದರು. ಪತ್ರಿಕಾಗೋಷ್ಠಿಯಲ್ಲಿ ಮಾತನಾಡಿ, ಸಂಘವು ಸದಸ್ಯರ ಆರ್ಥಿಕ ಅಭಿವೃದ್ಧಿಗೆ ಶ್ರಮಿಸುತ್ತಿದ್ದು, ರೈತರು ಹಾಗೂ ವ್ಯಾಪಾರಸ್ಥರಿಗೆ ಸಾಲ ಸೌಲಭ್ಯ ಕಲ್ಪಿಸುತ್ತಿದೆ. ರಜತ ಮಹೋತ್ಸವ ಕಾರ್ಯಕ್ರಮದಲ್ಲಿ ಸಚಿವರು, ಶಾಸಕರು, ಗಣ್ಯರು ಭಾಗವಹಿಸಲಿದ್ದಾರೆ. ಸಂಘದ ಉಪಾಧ್ಯಕ್ಷರು, ನಿರ್ದೇಶಕರು, ಸಿಬ್ಬಂದಿ ಉಪಸ್ಥಿತರಿದ್ದರು. ಪಟ್ಟಣದಲ್ಲಿ ಕಳೆದ 2000ದಲ್ಲಿ ಪ್ರಾರಂಭಗೊಂಡ 25 ವರ್ಷಗಳನ್ನು ಪೂರೈಸಿದ ಶ್ರೀ ಲಕ್ಷ್ಮೀ ವೆಂಕಟೇಶ್ವರ ಸೌಹಾರ್ದ ಪತ್ತಿನ ಸಹಕಾರಿ ಸಂಘದ ರಜತ ಮಹೋತ್ಸವ ಕಾರ್ಯಕ್ರಮ ಜೂ.29ರಂದು ಜರುಗಲಿದೆ ಎಂದು ಸಂಘದ ಅಧ್ಯಕ್ಷ ಶರಣಪ್ಪ ಚನ್ನಳ್ಳಿ ಹೇಳಿದರು. ಪತ್ರಿಕಾಗೋಷ್ಠಿಯಲ್ಲಿ ಮಾತನಾಡಿ, ಸಂಘವು ಸದಸ್ಯರ ಆರ್ಥಿಕ ಅಭಿವೃದ್ಧಿಗೆ ಶ್ರಮಿಸುತ್ತಿದ್ದು, ರೈತರು ಹಾಗೂ ವ್ಯಾಪಾರಸ್ಥರಿಗೆ ಸಾಲ ಸೌಲಭ್ಯ ಕಲ್ಪಿಸುತ್ತಿದೆ. ರಜತ ಮಹೋತ್ಸವ ಕಾರ್ಯಕ್ರಮದಲ್ಲಿ ಸಚಿವರು, ಶಾಸಕರು, ಗಣ್ಯರು ಭಾಗವಹಿಸಲಿದ್ದಾರೆ. ಸಂಘದ ಉಪಾಧ್ಯಕ್ಷರು, ನಿರ್ದೇಶಕರು, ಸಿಬ್ಬಂದಿ ಉಪಸ್ಥಿತರಿದ್ದರು.
ಕಾರಟಗಿ ಗ್ರಾಮದೇವತೆ ದೇವಸ್ಥಾನ ನಿರ್ಮಾಣ ; ಆರ್ಯ ಈಡಿಗ ಸಮಾಜದಿಂದ 3 ಲಕ್ಷ ರೂ. ದೇಣಿಗೆ
ಸರ್ವ ಸಮಾಜದ ಸಹಕಾರದಿಂದ 3.50 ಕೋಟಿ ರೂ. ವೆಚ್ಚದಲ್ಲಿ ಭವ್ಯ ದೇಗುಲ ನಿರ್ಮಾಣ - ಮಾಜಿ ಸಚಿವ ನಾಗಪ್ಪ ಸಾಲೋಣಿ
•ಸುದ್ದಿಮೂಲ ವಾರ್ತೆ, ಕಾರಟಗಿ, ಜೂ. 28: ಕಾರಟಗಿ ಪಟ್ಟಣದ ಗ್ರಾಮ ದೇವತೆ ಶ್ರೀ ದ್ಯಾಮಮ್ಮ ದೇವಿ ದೇವಸ್ಥಾನ ನಿರ್ಮಾಣ ಕಾರ್ಯಕ್ಕೆ ಪಟ್ಟಣದಲ್ಲಿ ಮೆರವಣಿಗೆ ಮೂಲಕ ಜನರು ದೇಣಿಗೆ ಸಲ್ಲಿಸುತ್ತಿದ್ದಾರೆ. ಸರ್ವ ಸಮಾಜದ ಸಹಕಾರದಿಂದ ಸುಮಾರು 3.50 ಕೋಟಿ ರೂ. ವೆಚ್ಚದಲ್ಲಿ ಭವ್ಯ ದೇವಸ್ಥಾನ ನಿರ್ಮಾಣ ಮಾಡಲಾಗುತ್ತಿದೆ ಎಂದು ಮಾಜಿ ಸಚಿವ ನಾಗಪ್ಪ ಸಾಲೋಣಿ ಹೇಳಿದರು. ಆರ್ಯ ಈಡಿಗ ಸಮಾಜದ ವತಿಯಿಂದ 3 ಲಕ್ಷ ರೂ. ದೇಣಿಗೆ ನೀಡಲಾಯಿತು. ಸಮಾಜದ ಹಿರಿಯರು, ಮುಖಂಡರು, ದೇವಸ್ಥಾನ ಸಮಿತಿ ಪದಾಧಿಕಾರಿಗಳು, ಭಕ್ತರು ಉಪಸ್ಥಿತರಿದ್ದರು. ದೇವಸ್ಥಾನ ನಿರ್ಮಾಣ ಕಾರ್ಯ ಶೀಘ್ರದಲ್ಲಿ ಪೂರ್ಣಗೊಳ್ಳಲಿದೆ. ಎಲ್ಲ ಸಮಾಜದವರು ಕೈಜೋಡಿಸಬೇಕು ಎಂದು ಮನವಿ ಮಾಡಿದರು. ಪಟ್ಟಣದ ವಿವಿಧ ಸಮಾಜಗಳು, ವ್ಯಾಪಾರಸ್ಥರು ಹಾಗೂ ನಾಗರಿಕರು ಉದಾರವಾಗಿ ದೇಣಿಗೆ ನೀಡುತ್ತಿದ್ದಾರೆ. 3 ಲಕ್ಷ ರೂ. ದೇಣಿಗೆ : ಪಟ್ಟಣದಲ್ಲಿ ಗ್ರಾಮ ದೇವತೆ ಶ್ರೀದ್ಯಾಮಮ್ಮದೇವಿ ದೇವಸ್ಥಾನ ಪುನರ್ ನಿರ್ಮಾಣ ಕಾರ್ಯಕ್ಕೆ ಆರ್ಯ ಈಡಿಗ ಸಮಾಜದ ವತಿಯಿಂದ ಪ್ರಥಮ ಹಂತದಲ್ಲಿ 3 ಲಕ್ಷ ರೂ. ದೇಣಿಗೆ ನೀಡಲಾಯಿತು.
ಕಾರಟಗಿ ಪಟ್ಟಣದ ಗ್ರಾಮ ದೇವತೆ ಶ್ರೀ ದ್ಯಾಮಮ್ಮ ದೇವಿ ದೇವಸ್ಥಾನ ನಿರ್ಮಾಣ ಕಾರ್ಯಕ್ಕೆ ಪಟ್ಟಣದಲ್ಲಿ ಮೆರವಣಿಗೆ ಮೂಲಕ ಜನರು ದೇಣಿಗೆ ಸಲ್ಲಿಸುತ್ತಿದ್ದಾರೆ. ಸರ್ವ ಸಮಾಜದ ಸಹಕಾರದಿಂದ ಸುಮಾರು 3.50 ಕೋಟಿ ರೂ. ವೆಚ್ಚದಲ್ಲಿ ಭವ್ಯ ದೇವಸ್ಥಾನ ನಿರ್ಮಾಣ ಮಾಡಲಾಗುತ್ತಿದೆ ಎಂದು ಮಾಜಿ ಸಚಿವ ನಾಗಪ್ಪ ಸಾಲೋಣಿ ಹೇಳಿದರು. ಆರ್ಯ ಈಡಿಗ ಸಮಾಜದ ವತಿಯಿಂದ 3 ಲಕ್ಷ ರೂ. ದೇಣಿಗೆ ನೀಡಲಾಯಿತು. ಸಮಾಜದ ಹಿರಿಯರು, ಮುಖಂಡರು, ದೇವಸ್ಥಾನ ಸಮಿತಿ ಪದಾಧಿಕಾರಿಗಳು, ಭಕ್ತರು ಉಪಸ್ಥಿತರಿದ್ದರು. ದೇವಸ್ಥಾನ ನಿರ್ಮಾಣ ಕಾರ್ಯ ಶೀಘ್ರದಲ್ಲಿ ಪೂರ್ಣಗೊಳ್ಳಲಿದೆ. ಎಲ್ಲ ಸಮಾಜದವರು ಕೈಜೋಡಿಸಬೇಕು ಎಂದು ಮನವಿ ಮಾಡಿದರು. ಪಟ್ಟಣದ ವಿವಿಧ ಸಮಾಜಗಳು, ವ್ಯಾಪಾರಸ್ಥರು ಹಾಗೂ ನಾಗರಿಕರು ಉದಾರವಾಗಿ ದೇಣಿಗೆ ನೀಡುತ್ತಿದ್ದಾರೆ. 3 ಲಕ್ಷ ರೂ. ದೇಣಿಗೆ : ಪಟ್ಟಣದಲ್ಲಿ ಗ್ರಾಮ ದೇವತೆ ಶ್ರೀದ್ಯಾಮಮ್ಮದೇವಿ ದೇವಸ್ಥಾನ ಪುನರ್ ನಿರ್ಮಾಣ ಕಾರ್ಯಕ್ಕೆ ಆರ್ಯ ಈಡಿಗ ಸಮಾಜದ ವತಿಯಿಂದ ಪ್ರಥಮ ಹಂತದಲ್ಲಿ 3 ಲಕ್ಷ ರೂ. ದೇಣಿಗೆ ನೀಡಲಾಯಿತು.
ಕಾರಟಗಿ ಪಟ್ಟಣದ ಗ್ರಾಮ ದೇವತೆ ಶ್ರೀ ದ್ಯಾಮಮ್ಮ ದೇವಿ ದೇವಸ್ಥಾನ ನಿರ್ಮಾಣ ಕಾರ್ಯಕ್ಕೆ ಪಟ್ಟಣದಲ್ಲಿ ಮೆರವಣಿಗೆ ಮೂಲಕ ಜನರು ದೇಣಿಗೆ ಸಲ್ಲಿಸುತ್ತಿದ್ದಾರೆ. ಸರ್ವ ಸಮಾಜದ ಸಹಕಾರದಿಂದ ಸುಮಾರು 3.50 ಕೋಟಿ ರೂ. ವೆಚ್ಚದಲ್ಲಿ ಭವ್ಯ ದೇವಸ್ಥಾನ ನಿರ್ಮಾಣ ಮಾಡಲಾಗುತ್ತಿದೆ ಎಂದು ಮಾಜಿ ಸಚಿವ ನಾಗಪ್ಪ ಸಾಲೋಣಿ ಹೇಳಿದರು. ಆರ್ಯ ಈಡಿಗ ಸಮಾಜದ ವತಿಯಿಂದ 3 ಲಕ್ಷ ರೂ. ದೇಣಿಗೆ ನೀಡಲಾಯಿತು. ಸಮಾಜದ ಹಿರಿಯರು, ಮುಖಂಡರು, ದೇವಸ್ಥಾನ ಸಮಿತಿ ಪದಾಧಿಕಾರಿಗಳು, ಭಕ್ತರು ಉಪಸ್ಥಿತರಿದ್ದರು. ದೇವಸ್ಥಾನ ನಿರ್ಮಾಣ ಕಾರ್ಯ ಶೀಘ್ರದಲ್ಲಿ ಪೂರ್ಣಗೊಳ್ಳಲಿದೆ. ಎಲ್ಲ ಸಮಾಜದವರು ಕೈಜೋಡಿಸಬೇಕು ಎಂದು ಮನವಿ ಮಾಡಿದರು. ಪಟ್ಟಣದ ವಿವಿಧ ಸಮಾಜಗಳು, ವ್ಯಾಪಾರಸ್ಥರು ಹಾಗೂ ನಾಗರಿಕರು ಉದಾರವಾಗಿ ದೇಣಿಗೆ ನೀಡುತ್ತಿದ್ದಾರೆ. 3 ಲಕ್ಷ ರೂ. ದೇಣಿಗೆ : ಪಟ್ಟಣದಲ್ಲಿ ಗ್ರಾಮ ದೇವತೆ ಶ್ರೀದ್ಯಾಮಮ್ಮದೇವಿ ದೇವಸ್ಥಾನ ಪುನರ್ ನಿರ್ಮಾಣ ಕಾರ್ಯಕ್ಕೆ ಆರ್ಯ ಈಡಿಗ ಸಮಾಜದ ವತಿಯಿಂದ ಪ್ರಥಮ ಹಂತದಲ್ಲಿ 3 ಲಕ್ಷ ರೂ. ದೇಣಿಗೆ ನೀಡಲಾಯಿತು.
+	+
+	+
